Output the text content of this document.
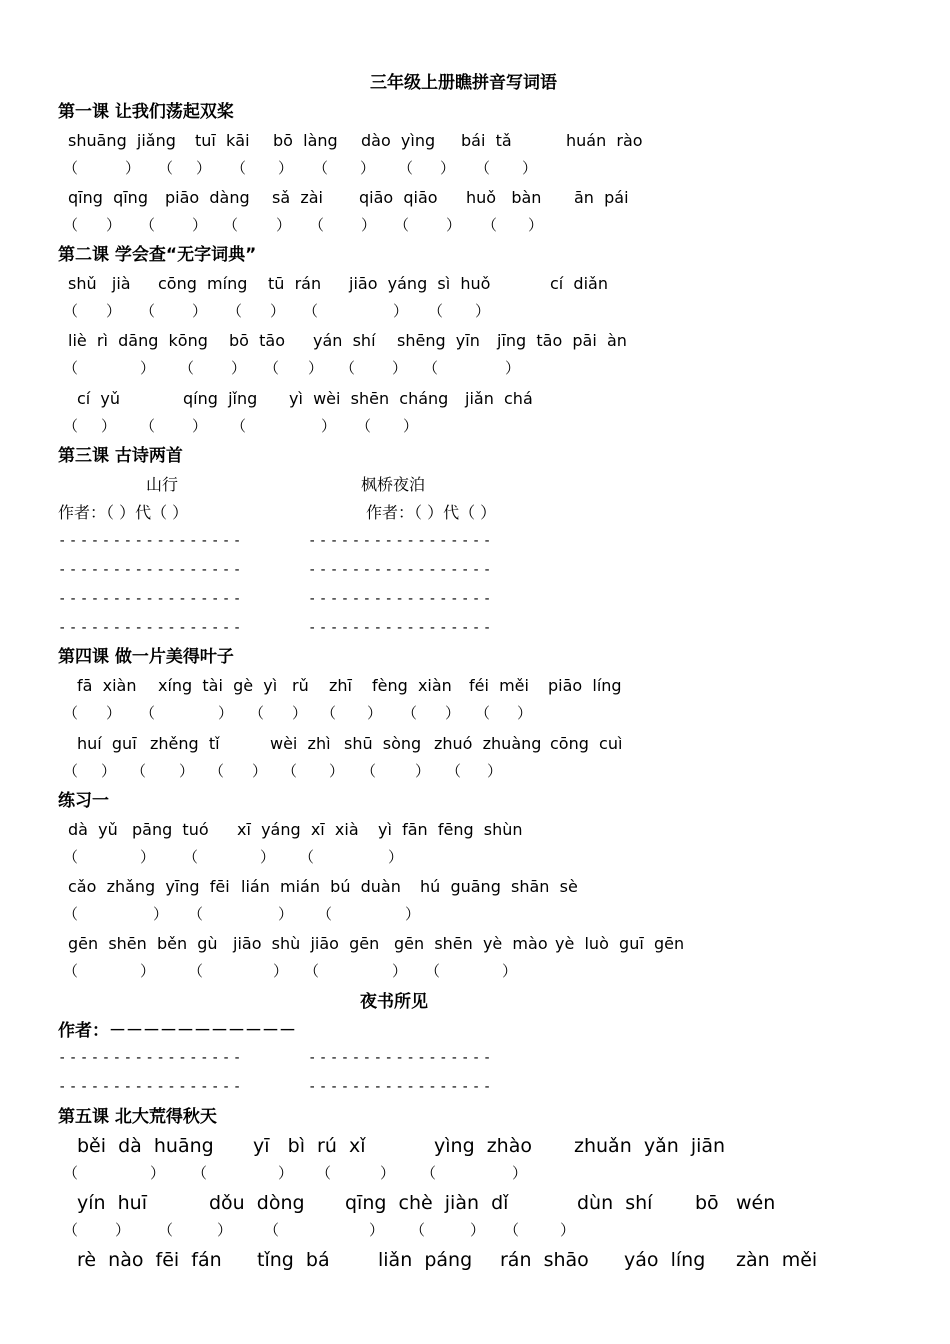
三年级上册瞧拼音写词语
第一课 让我们荡起双桨
shuāng  jiǎng tuī  kāi bō  làng dào  yìng bái  tǎ	huán  rào
（	） （ ） （ ） （ ） （ ） （ ）
qīng  qīng piāo  dàng sǎ  zài qiāo  qiāo huǒ   bàn ān  pái
（ ） （ ） （	） （ ） （ ） （ ）
第二课 学会查“无字词典”
shǔ   jià cōng  míng tū  rán jiāo  yáng  sì  huǒ	cí  diǎn
（ ） （ ） （ ） （	） （ ）
liè  rì  dāng  kōng bō  tāo yán  shí shēng  yīn jīng  tāo  pāi  àn
（	） （ ） （ ） （ ） （	）
cí  yǔ	qíng  jǐng yì  wèi  shēn  cháng jiǎn  chá
（ ） （ ） （	） （ ）
第三课 古诗两首
山行	枫桥夜泊
作者：（ ）代（ ）	作者：（ ）代（ ）
-----------------	-----------------
-----------------	-----------------
-----------------	-----------------
-----------------	-----------------
第四课 做一片美得叶子
fā  xiàn xíng  tài  gè  yì rǔ zhī fèng  xiàn féi  měi piāo  líng
（ ） （	） （ ） （ ） （ ） （ ）
huí  guī zhěng  tǐ	wèi  zhì shū  sòng zhuó  zhuàng cōng  cuì
（ ） （ ） （ ） （ ） （	） （ ）
练习一
dà  yǔ pāng  tuó xī  yáng  xī  xià yì  fān  fēng  shùn
（	） （	） （	）
cǎo  zhǎng  yīng  fēi lián  mián  bú  duàn hú  guāng  shān  sè
（	） （	） （	）
gēn  shēn  běn  gù jiāo  shù  jiāo  gēn gēn  shēn  yè  mào yè  luò  guī  gēn
（	） （	） （	） （	）
夜书所见
作者：－－－－－－－－－－－
-----------------	-----------------
-----------------	-----------------
第五课 北大荒得秋天
běi  dà  huāng yī   bì  rú  xǐ	yìng  zhào zhuǎn  yǎn  jiān
（	） （	） （	） （	）
yín  huī	dǒu  dòng qīng  chè  jiàn  dǐ	dùn  shí bō wén
（ ） （	） （	） （	） （	）
rè  nào  fēi  fán tǐng  bá	liǎn  páng rán  shāo yáo  líng zàn  měi
